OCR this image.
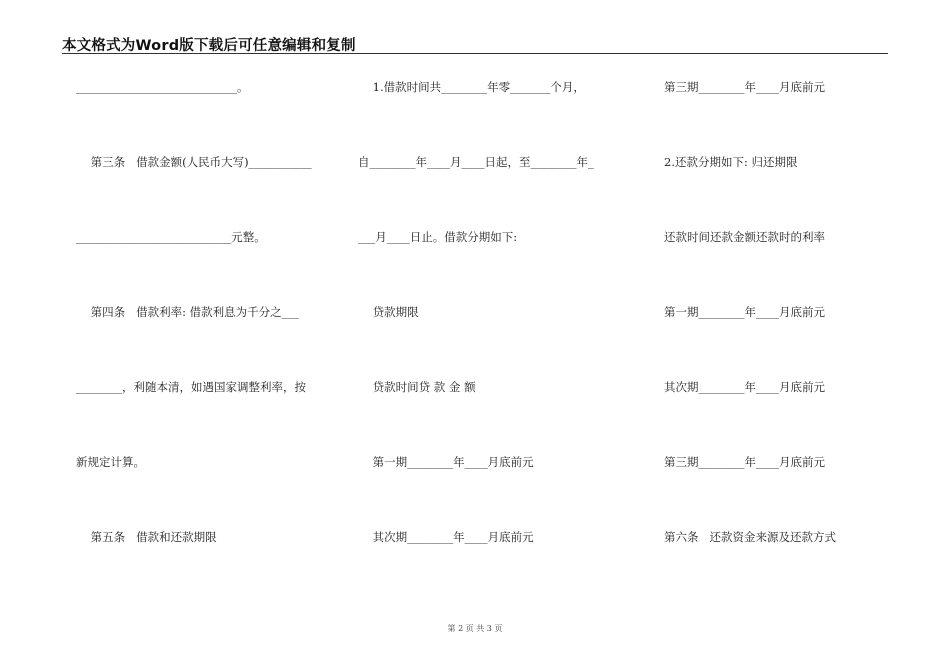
本文格式为Word版下载后可任意编辑和复制
____________________________。
第三条   借款金额(人民币大写)___________
___________________________元整。
第四条   借款利率: 借款利息为千分之___
________，利随本清，如遇国家调整利率，按
新规定计算。
第五条   借款和还款期限
1.借款时间共________年零_______个月，
自________年____月____日起，至________年_
___月____日止。借款分期如下:
贷款期限
贷款时间贷 款 金 额
第一期________年____月底前元
其次期________年____月底前元
第三期________年____月底前元
2.还款分期如下: 归还期限
还款时间还款金额还款时的利率
第一期________年____月底前元
其次期________年____月底前元
第三期________年____月底前元
第六条   还款资金来源及还款方式
第 2 页 共 3 页
